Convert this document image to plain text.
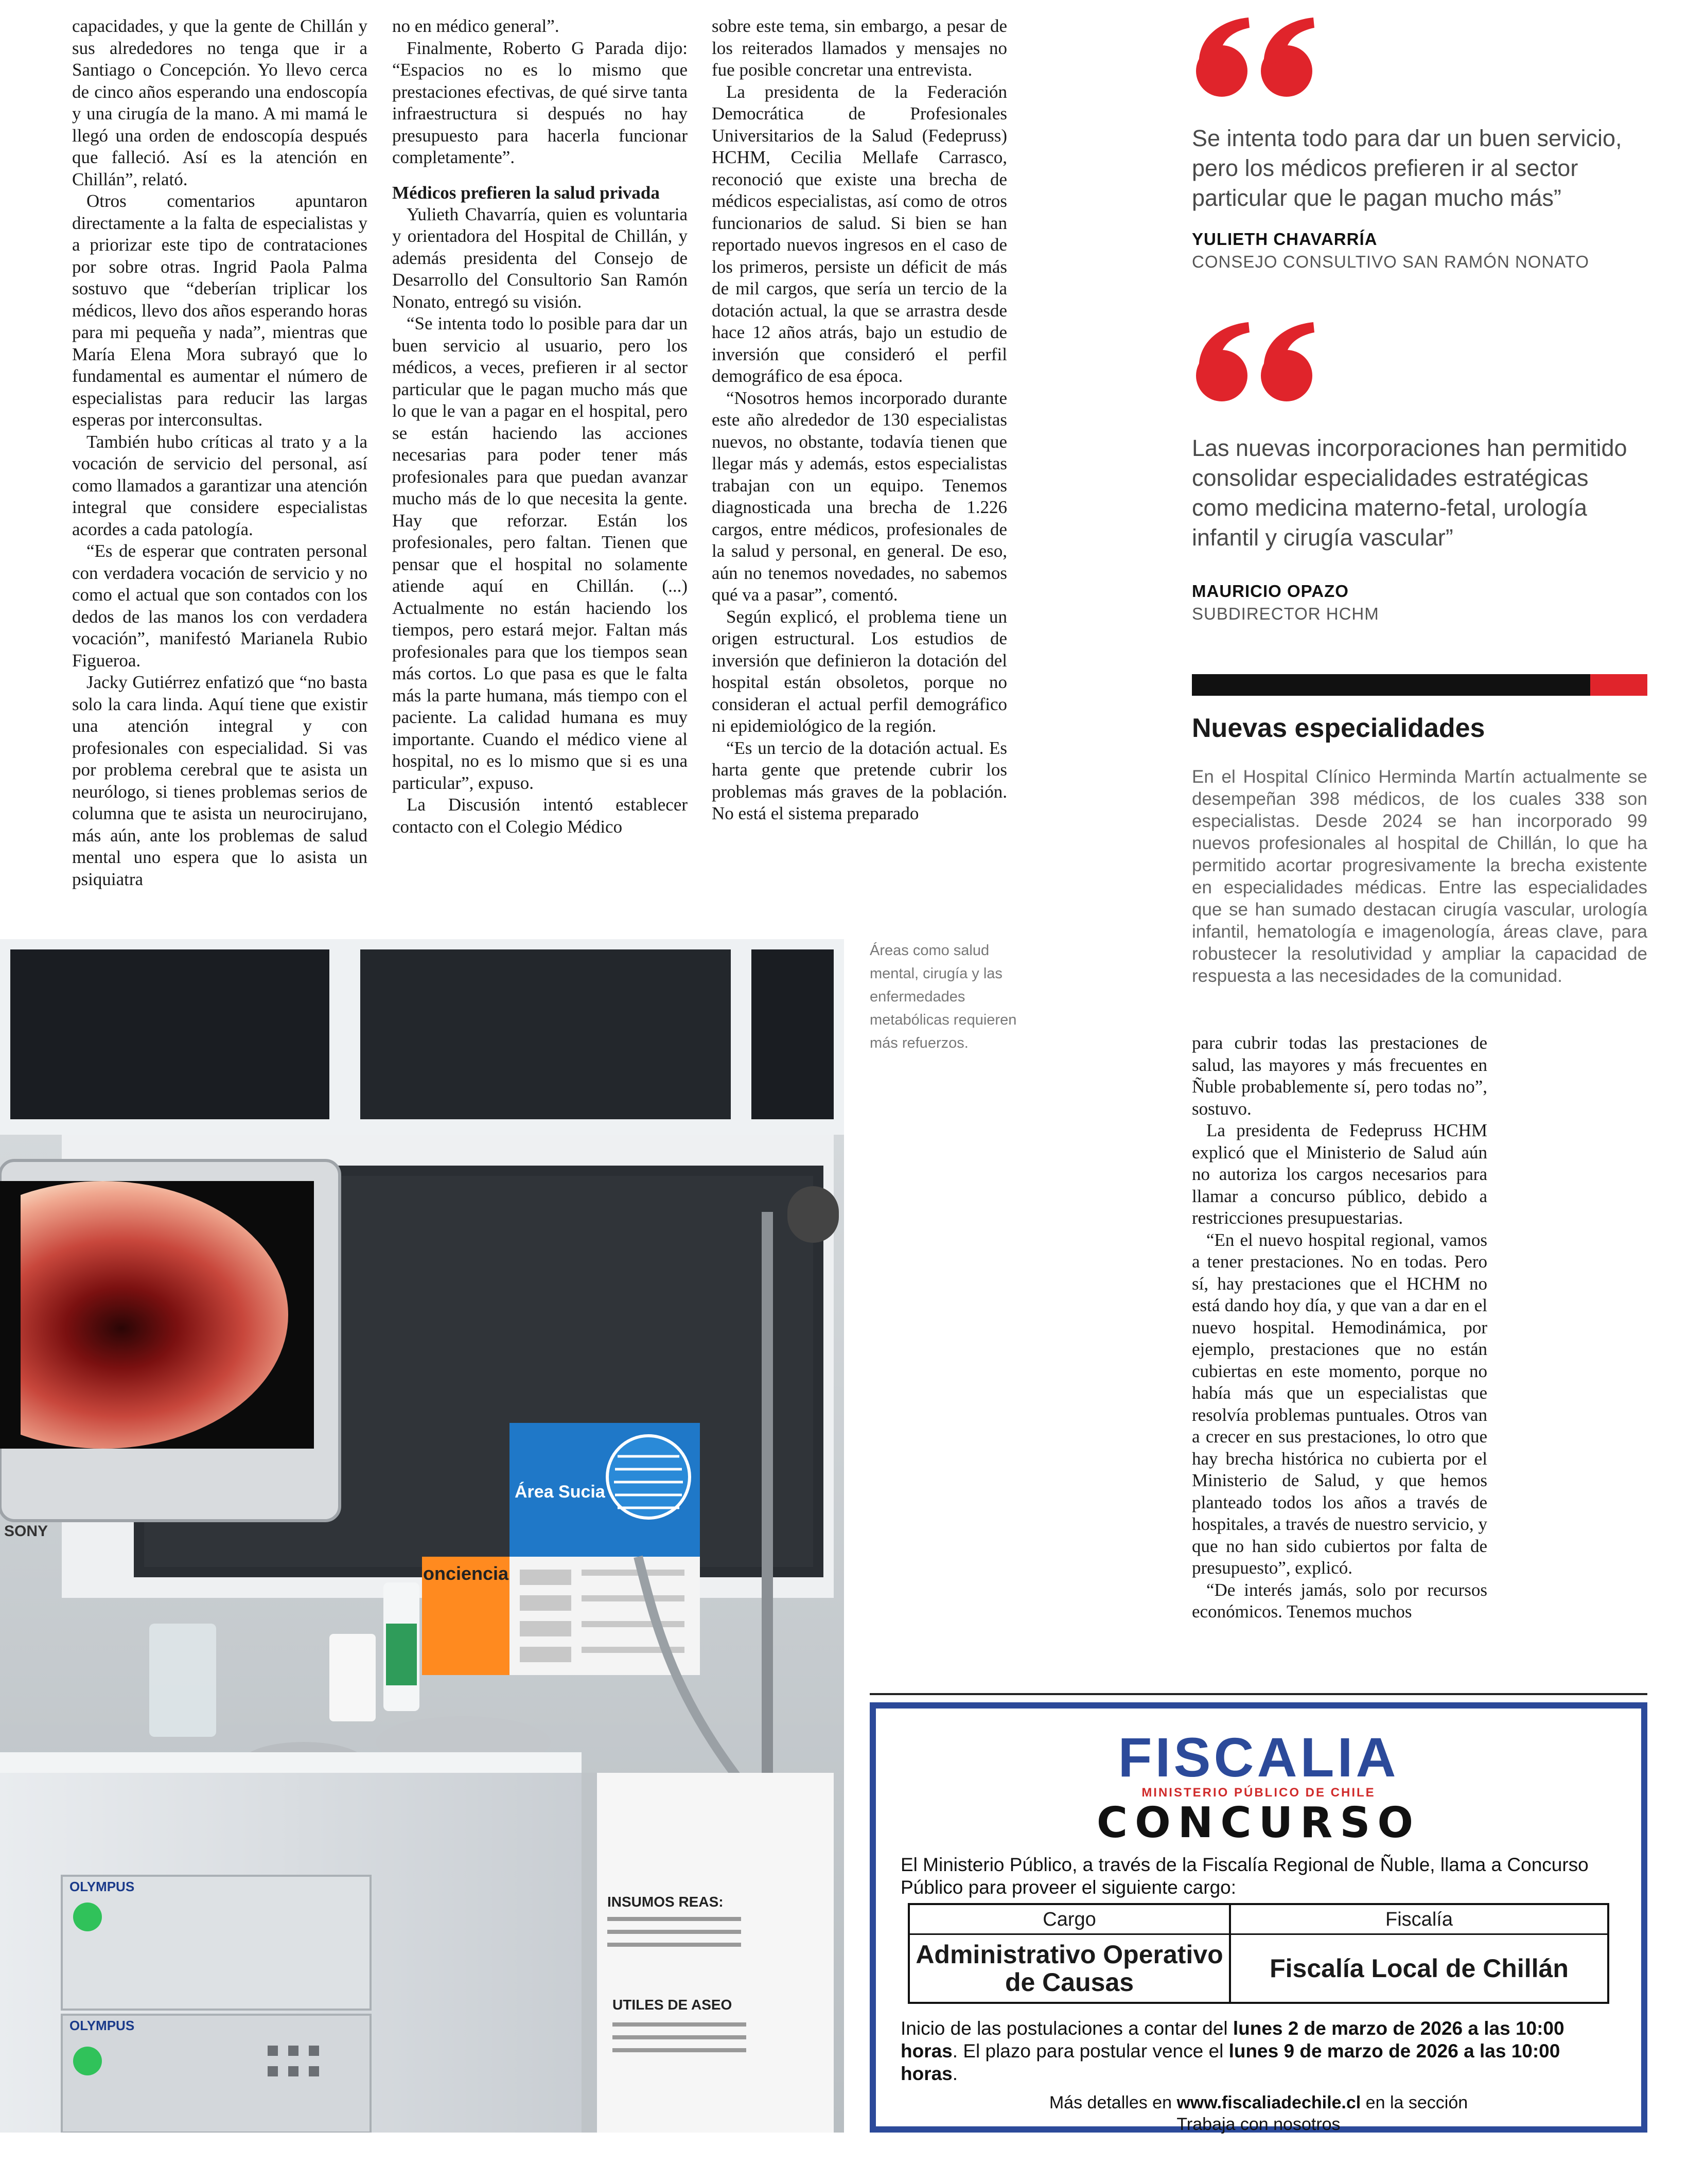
capacidades, y que la gente de Chillán y sus alrededores no tenga que ir a Santiago o Concepción. Yo llevo cerca de cinco años esperando una endoscopía y una cirugía de la mano. A mi mamá le llegó una orden de endoscopía después que falleció. Así es la atención en Chillán”, relató.

Otros comentarios apuntaron directamente a la falta de especialistas y a priorizar este tipo de contrataciones por sobre otras. Ingrid Paola Palma sostuvo que “deberían triplicar los médicos, llevo dos años esperando horas para mi pequeña y nada”, mientras que María Elena Mora subrayó que lo fundamental es aumentar el número de especialistas para reducir las largas esperas por interconsultas.

También hubo críticas al trato y a la vocación de servicio del personal, así como llamados a garantizar una atención integral que considere especialistas acordes a cada patología.

“Es de esperar que contraten personal con verdadera vocación de servicio y no como el actual que son contados con los dedos de las manos los con verdadera vocación”, manifestó Marianela Rubio Figueroa.

Jacky Gutiérrez enfatizó que “no basta solo la cara linda. Aquí tiene que existir una atención integral y con profesionales con especialidad. Si vas por problema cerebral que te asista un neurólogo, si tienes problemas serios de columna que te asista un neurocirujano, más aún, ante los problemas de salud mental uno espera que lo asista un psiquiatra

no en médico general”.

Finalmente, Roberto G Parada dijo: “Espacios no es lo mismo que prestaciones efectivas, de qué sirve tanta infraestructura si después no hay presupuesto para hacerla funcionar completamente”.

Médicos prefieren la salud privada

Yulieth Chavarría, quien es voluntaria y orientadora del Hospital de Chillán, y además presidenta del Consejo de Desarrollo del Consultorio San Ramón Nonato, entregó su visión.

“Se intenta todo lo posible para dar un buen servicio al usuario, pero los médicos, a veces, prefieren ir al sector particular que le pagan mucho más que lo que le van a pagar en el hospital, pero se están haciendo las acciones necesarias para poder tener más profesionales para que puedan avanzar mucho más de lo que necesita la gente. Hay que reforzar. Están los profesionales, pero faltan. Tienen que pensar que el hospital no solamente atiende aquí en Chillán. (...) Actualmente no están haciendo los tiempos, pero estará mejor. Faltan más profesionales para que los tiempos sean más cortos. Lo que pasa es que le falta más la parte humana, más tiempo con el paciente. La calidad humana es muy importante. Cuando el médico viene al hospital, no es lo mismo que si es una particular”, expuso.

La Discusión intentó establecer contacto con el Colegio Médico

sobre este tema, sin embargo, a pesar de los reiterados llamados y mensajes no fue posible concretar una entrevista.

La presidenta de la Federación Democrática de Profesionales Universitarios de la Salud (Fedepruss) HCHM, Cecilia Mellafe Carrasco, reconoció que existe una brecha de médicos especialistas, así como de otros funcionarios de salud. Si bien se han reportado nuevos ingresos en el caso de los primeros, persiste un déficit de más de mil cargos, que sería un tercio de la dotación actual, la que se arrastra desde hace 12 años atrás, bajo un estudio de inversión que consideró el perfil demográfico de esa época.

“Nosotros hemos incorporado durante este año alrededor de 130 especialistas nuevos, no obstante, todavía tienen que llegar más y además, estos especialistas trabajan con un equipo. Tenemos diagnosticada una brecha de 1.226 cargos, entre médicos, profesionales de la salud y personal, en general. De eso, aún no tenemos novedades, no sabemos qué va a pasar”, comentó.

Según explicó, el problema tiene un origen estructural. Los estudios de inversión que definieron la dotación del hospital están obsoletos, porque no consideran el actual perfil demográfico ni epidemiológico de la región.

“Es un tercio de la dotación actual. Es harta gente que pretende cubrir los problemas más graves de la población. No está el sistema preparado

Se intenta todo para dar un buen servicio, pero los médicos prefieren ir al sector particular que le pagan mucho más”
YULIETH CHAVARRÍA
CONSEJO CONSULTIVO SAN RAMÓN NONATO
Las nuevas incorporaciones han permitido consolidar especialidades estratégicas como medicina materno-fetal, urología infantil y cirugía vascular”
MAURICIO OPAZO
SUBDIRECTOR HCHM
Nuevas especialidades
En el Hospital Clínico Herminda Martín actualmente se desempeñan 398 médicos, de los cuales 338 son especialistas. Desde 2024 se han incorporado 99 nuevos profesionales al hospital de Chillán, lo que ha permitido acortar progresivamente la brecha existente en especialidades médicas. Entre las especialidades que se han sumado destacan cirugía vascular, urología infantil, hematología e imagenología, áreas clave, para robustecer la resolutividad y ampliar la capacidad de respuesta a las necesidades de la comunidad.
Área Sucia
onciencia
SONY
OLYMPUS
OLYMPUS
INSUMOS REAS:
UTILES DE ASEO
Áreas como salud mental, cirugía y las enfermedades metabólicas requieren más refuerzos.	para cubrir todas las prestaciones de salud, las mayores y más frecuentes en Ñuble probablemente sí, pero todas no”, sostuvo.

La presidenta de Fedepruss HCHM explicó que el Ministerio de Salud aún no autoriza los cargos necesarios para llamar a concurso público, debido a restricciones presupuestarias.

“En el nuevo hospital regional, vamos a tener prestaciones. No en todas. Pero sí, hay prestaciones que el HCHM no está dando hoy día, y que van a dar en el nuevo hospital. Hemodinámica, por ejemplo, prestaciones que no están cubiertas en este momento, porque no había más que un especialistas que resolvía problemas puntuales. Otros van a crecer en sus prestaciones, lo otro que hay brecha histórica no cubierta por el Ministerio de Salud, y que hemos planteado todos los años a través de hospitales, a través de nuestro servicio, y que no han sido cubiertos por falta de presupuesto”, explicó.

“De interés jamás, solo por recursos económicos. Tenemos muchos

FISCALIA
MINISTERIO PÚBLICO DE CHILE
CONCURSO
El Ministerio Público, a través de la Fiscalía Regional de Ñuble, llama a Concurso Público para proveer el siguiente cargo:
Cargo	Fiscalía
Administrativo Operativo de Causas	Fiscalía Local de Chillán
Inicio de las postulaciones a contar del lunes 2 de marzo de 2026 a las 10:00 horas. El plazo para postular vence el lunes 9 de marzo de 2026 a las 10:00 horas.
Más detalles en www.fiscaliadechile.cl en la sección
Trabaja con nosotros
